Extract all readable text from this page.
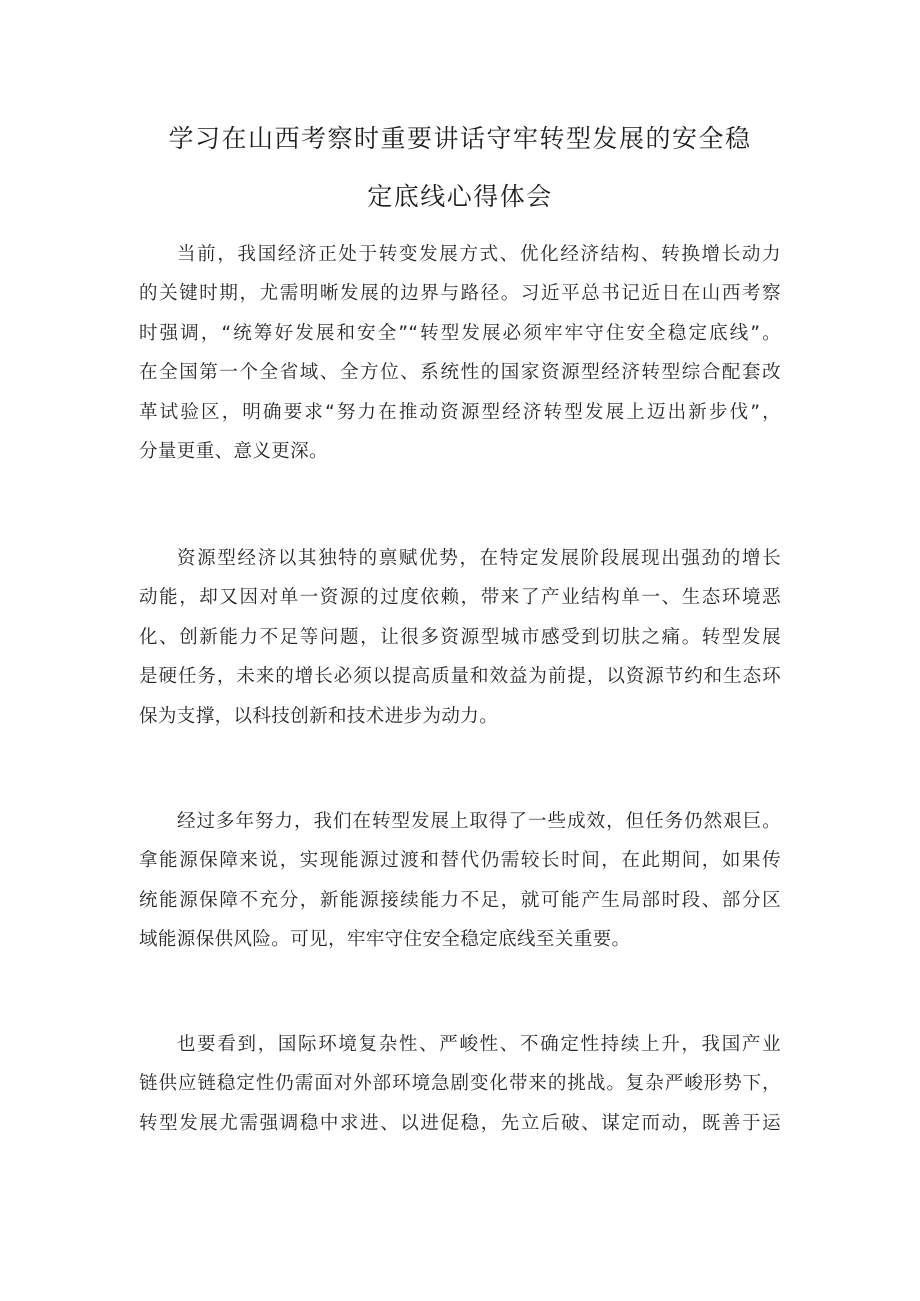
学习在山西考察时重要讲话守牢转型发展的安全稳
定底线心得体会
当前，我国经济正处于转变发展方式、优化经济结构、转换增长动力
的关键时期，尤需明晰发展的边界与路径。习近平总书记近日在山西考察
时强调，“统筹好发展和安全”“转型发展必须牢牢守住安全稳定底线”。
在全国第一个全省域、全方位、系统性的国家资源型经济转型综合配套改
革试验区，明确要求“努力在推动资源型经济转型发展上迈出新步伐”，
分量更重、意义更深。
资源型经济以其独特的禀赋优势，在特定发展阶段展现出强劲的增长
动能，却又因对单一资源的过度依赖，带来了产业结构单一、生态环境恶
化、创新能力不足等问题，让很多资源型城市感受到切肤之痛。转型发展
是硬任务，未来的增长必须以提高质量和效益为前提，以资源节约和生态环
保为支撑，以科技创新和技术进步为动力。
经过多年努力，我们在转型发展上取得了一些成效，但任务仍然艰巨。
拿能源保障来说，实现能源过渡和替代仍需较长时间，在此期间，如果传
统能源保障不充分，新能源接续能力不足，就可能产生局部时段、部分区
域能源保供风险。可见，牢牢守住安全稳定底线至关重要。
也要看到，国际环境复杂性、严峻性、不确定性持续上升，我国产业
链供应链稳定性仍需面对外部环境急剧变化带来的挑战。复杂严峻形势下，
转型发展尤需强调稳中求进、以进促稳，先立后破、谋定而动，既善于运
